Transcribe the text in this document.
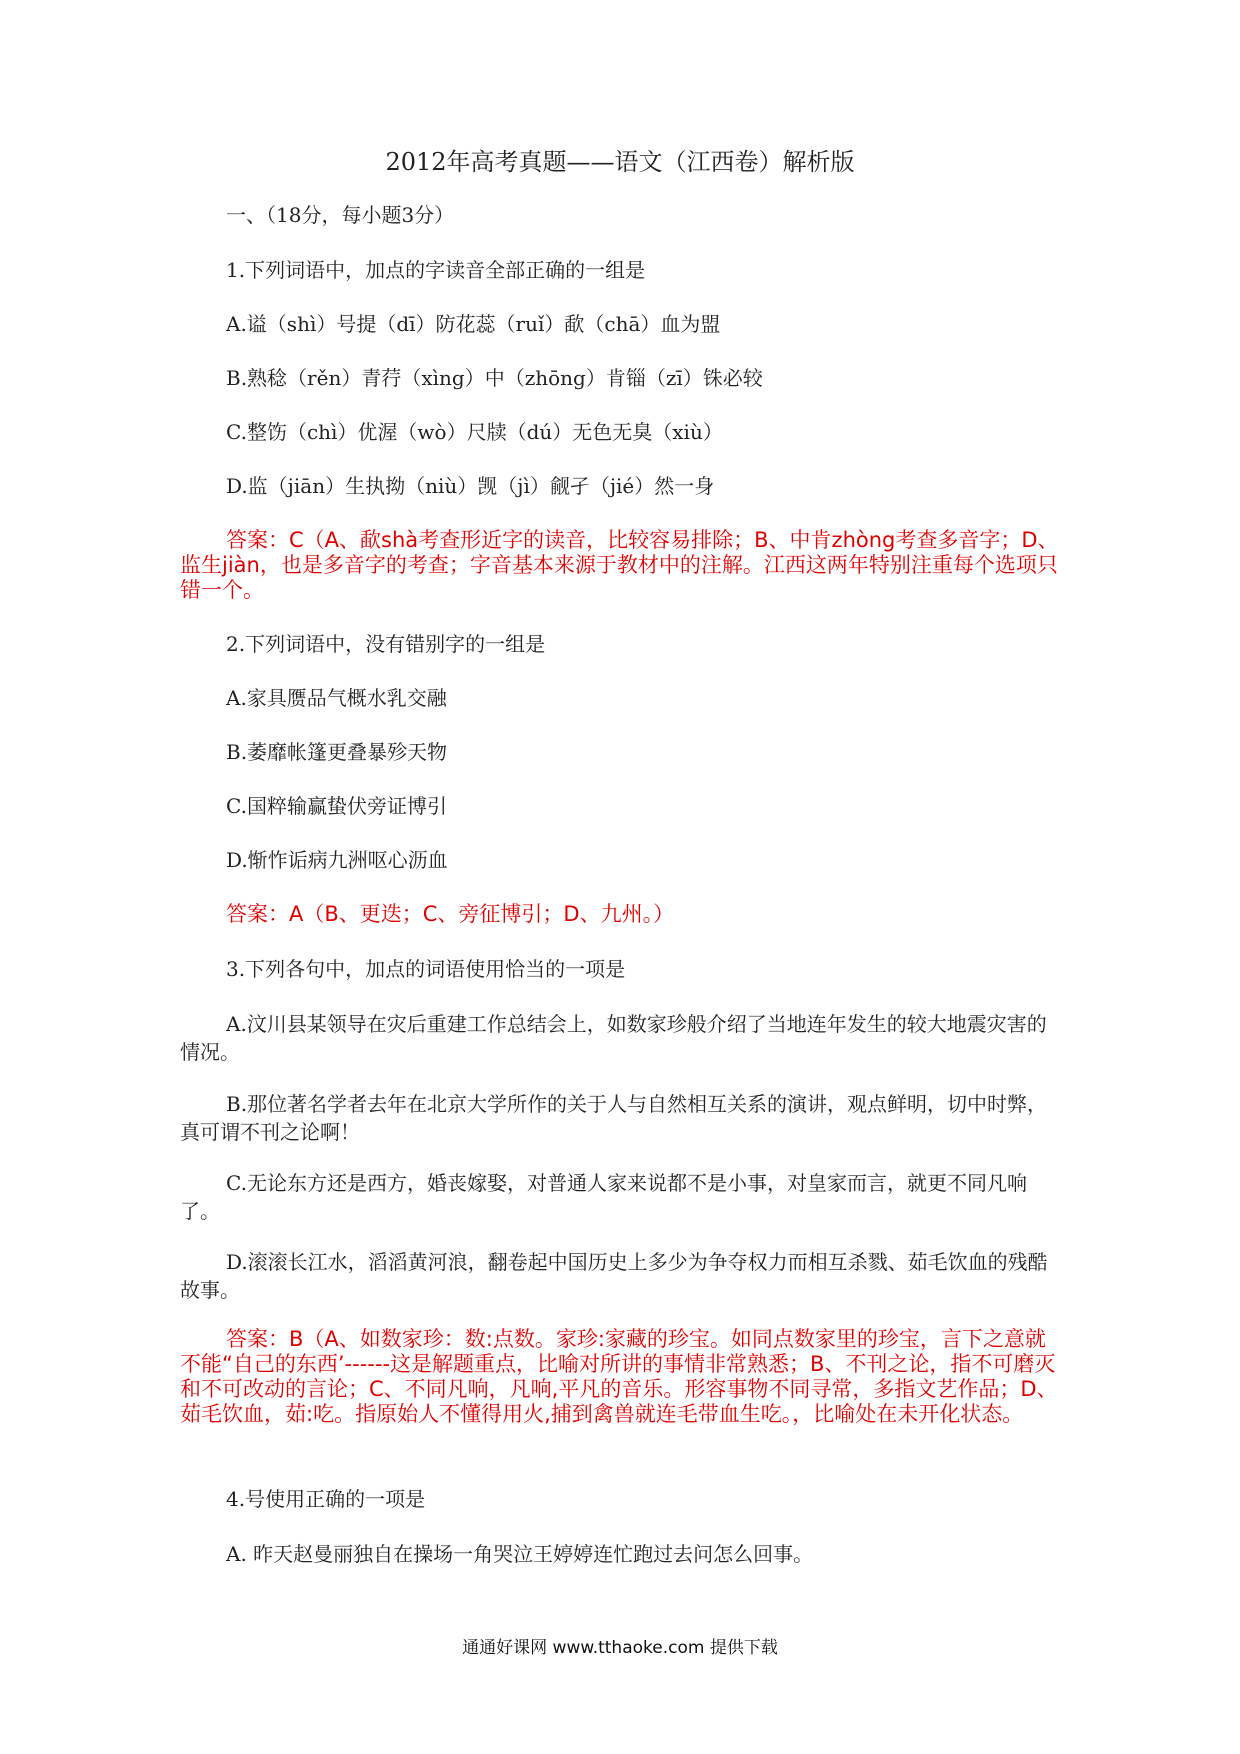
2012年高考真题——语文（江西卷）解析版
一、（18分，每小题3分）
1.下列词语中，加点的字读音全部正确的一组是
A.谥（shì）号提（dī）防花蕊（ruǐ）歃（chā）血为盟
B.熟稔（rěn）青荇（xìng）中（zhōng）肯锱（zī）铢必较
C.整饬（chì）优渥（wò）尺牍（dú）无色无臭（xiù）
D.监（jiān）生执拗（niù）觊（jì）觎孑（jié）然一身
答案：C（A、歃shà考查形近字的读音，比较容易排除；B、中肯zhòng考查多音字；D、监生jiàn，也是多音字的考查；字音基本来源于教材中的注解。江西这两年特别注重每个选项只错一个。
2.下列词语中，没有错别字的一组是
A.家具赝品气概水乳交融
B.萎靡帐篷更叠暴殄天物
C.国粹输赢蛰伏旁证博引
D.惭怍诟病九洲呕心沥血
答案：A（B、更迭；C、旁征博引；D、九州。）
3.下列各句中，加点的词语使用恰当的一项是
A.汶川县某领导在灾后重建工作总结会上，如数家珍般介绍了当地连年发生的较大地震灾害的情况。
B.那位著名学者去年在北京大学所作的关于人与自然相互关系的演讲，观点鲜明，切中时弊，真可谓不刊之论啊！
C.无论东方还是西方，婚丧嫁娶，对普通人家来说都不是小事，对皇家而言，就更不同凡响了。
D.滚滚长江水，滔滔黄河浪，翻卷起中国历史上多少为争夺权力而相互杀戮、茹毛饮血的残酷故事。
答案：B（A、如数家珍：数:点数。家珍:家藏的珍宝。如同点数家里的珍宝，言下之意就不能“自己的东西’------这是解题重点，比喻对所讲的事情非常熟悉；B、不刊之论，指不可磨灭和不可改动的言论；C、不同凡响，凡响,平凡的音乐。形容事物不同寻常，多指文艺作品；D、茹毛饮血，茹:吃。指原始人不懂得用火,捕到禽兽就连毛带血生吃。，比喻处在未开化状态。
4.号使用正确的一项是
A. 昨天赵曼丽独自在操场一角哭泣王婷婷连忙跑过去问怎么回事。
通通好课网 www.tthaoke.com 提供下载
